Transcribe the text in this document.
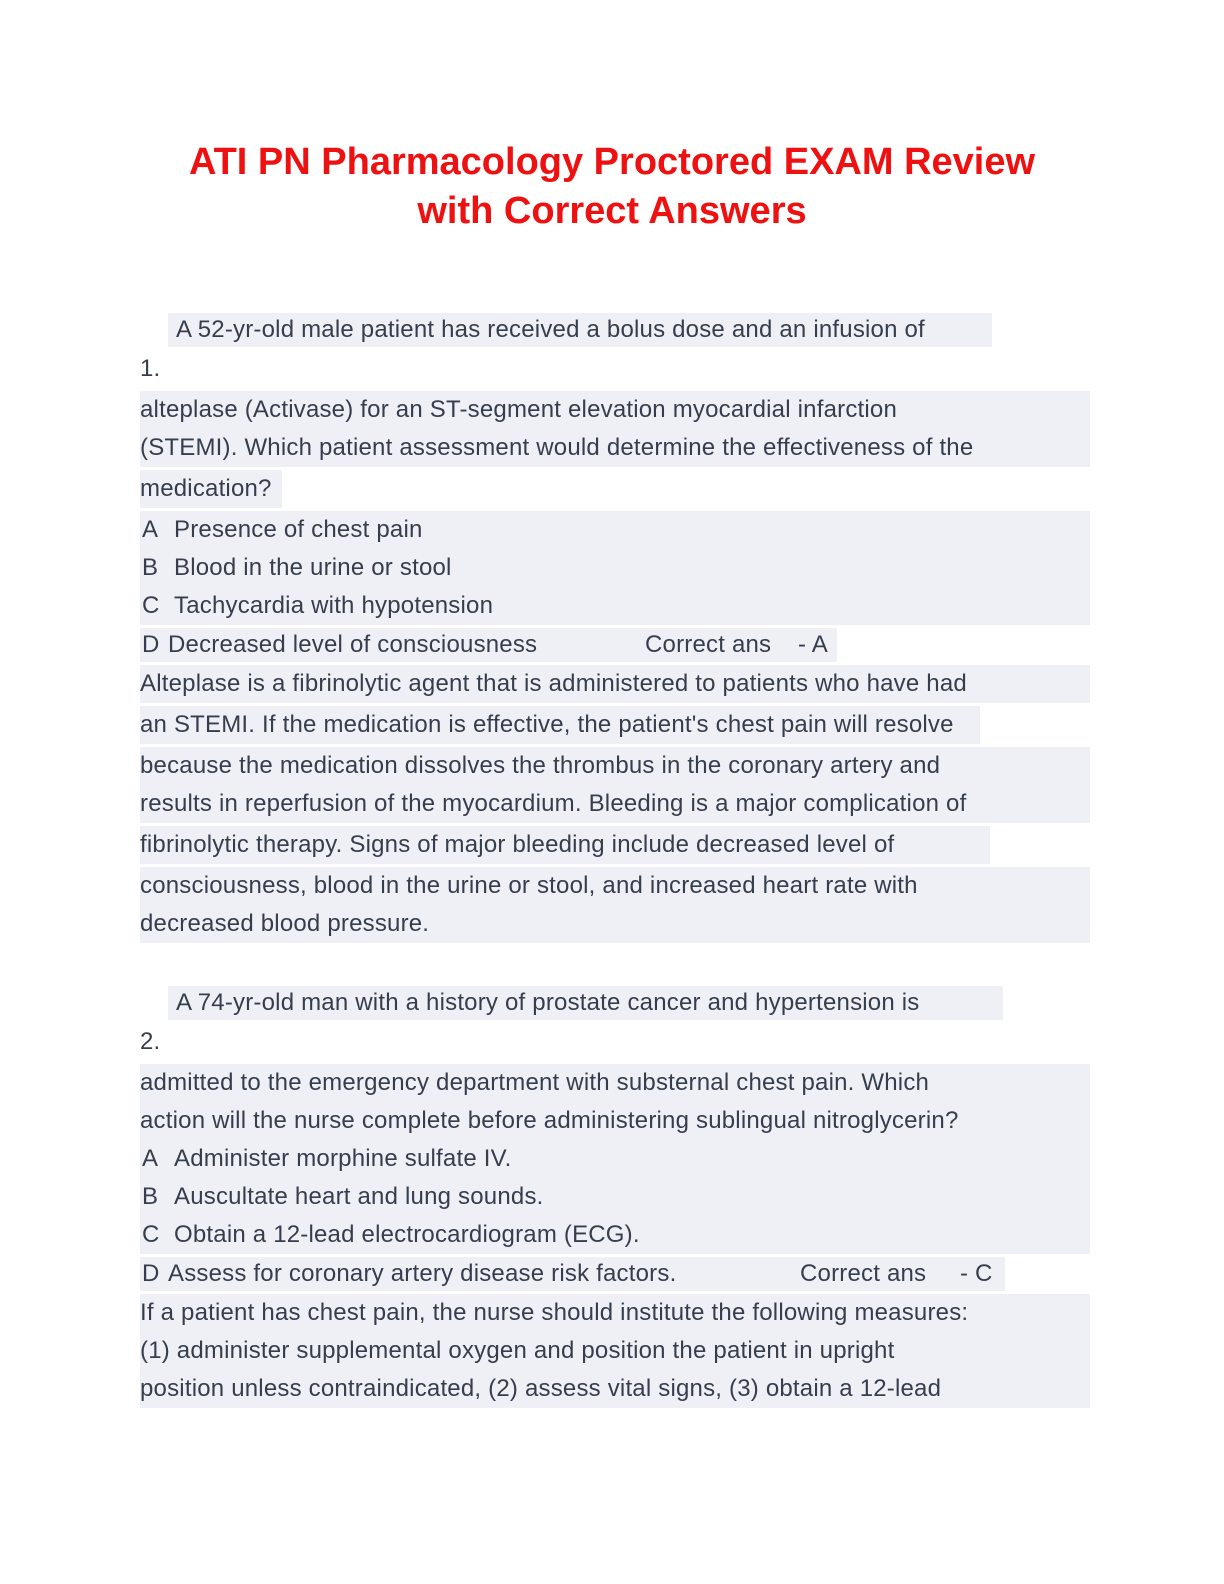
ATI PN Pharmacology Proctored EXAM Review
with Correct Answers
A 52-yr-old male patient has received a bolus dose and an infusion of
1.
alteplase (Activase) for an ST-segment elevation myocardial infarction
(STEMI). Which patient assessment would determine the effectiveness of the
medication?
A Presence of chest pain
B Blood in the urine or stool
C Tachycardia with hypotension
D Decreased level of consciousness	Correct ans - A
Alteplase is a fibrinolytic agent that is administered to patients who have had
an STEMI. If the medication is effective, the patient's chest pain will resolve
because the medication dissolves the thrombus in the coronary artery and
results in reperfusion of the myocardium. Bleeding is a major complication of
fibrinolytic therapy. Signs of major bleeding include decreased level of
consciousness, blood in the urine or stool, and increased heart rate with
decreased blood pressure.
A 74-yr-old man with a history of prostate cancer and hypertension is
2.
admitted to the emergency department with substernal chest pain. Which
action will the nurse complete before administering sublingual nitroglycerin?
A Administer morphine sulfate IV.
B Auscultate heart and lung sounds.
C Obtain a 12-lead electrocardiogram (ECG).
D Assess for coronary artery disease risk factors.	Correct ans - C
If a patient has chest pain, the nurse should institute the following measures:
(1) administer supplemental oxygen and position the patient in upright
position unless contraindicated, (2) assess vital signs, (3) obtain a 12-lead
